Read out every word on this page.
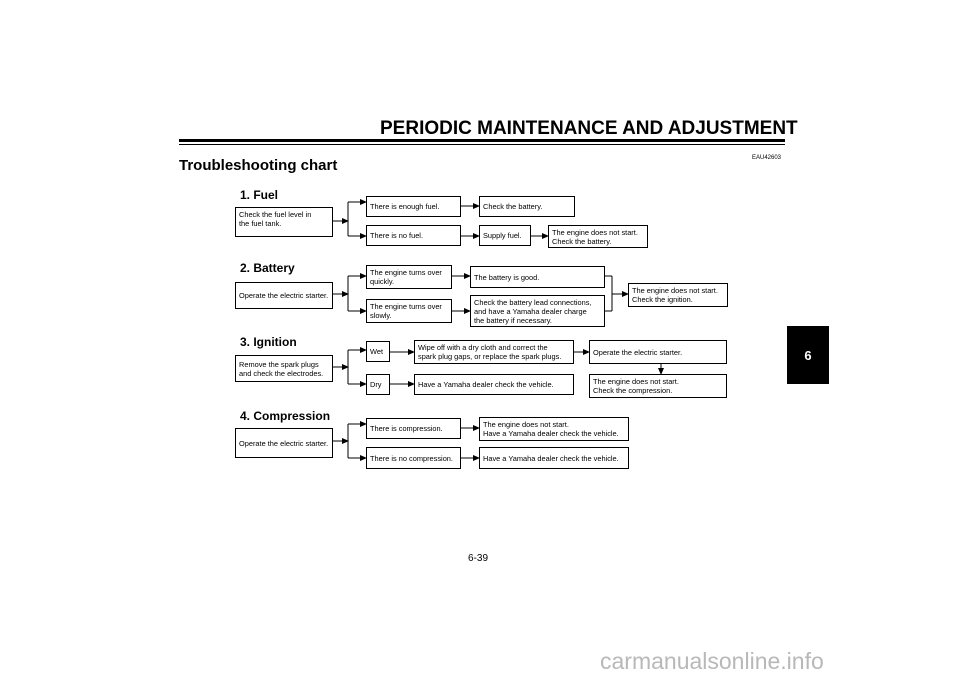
PERIODIC MAINTENANCE AND ADJUSTMENT
Troubleshooting chart	EAU42603
1. Fuel
Check the fuel level in
the fuel tank.
There is enough fuel.	Check the battery.
There is no fuel.	Supply fuel.	The engine does not start.
Check the battery.
2. Battery
Operate the electric starter.
The engine turns over
quickly.	The battery is good.
The engine turns over
slowly.
Check the battery lead connections,
and have a Yamaha dealer charge
the battery if necessary.
The engine does not start.
Check the ignition.
3. Ignition
Remove the spark plugs
and check the electrodes.
Wet	Wipe off with a dry cloth and correct the
spark plug gaps, or replace the spark plugs.	Operate the electric starter.
The engine does not start.
Check the compression.
Dry	Have a Yamaha dealer check the vehicle.
4. Compression
Operate the electric starter.
There is compression.	The engine does not start.
Have a Yamaha dealer check the vehicle.
There is no compression.	Have a Yamaha dealer check the vehicle.
6-39
6
carmanualsonline.info
